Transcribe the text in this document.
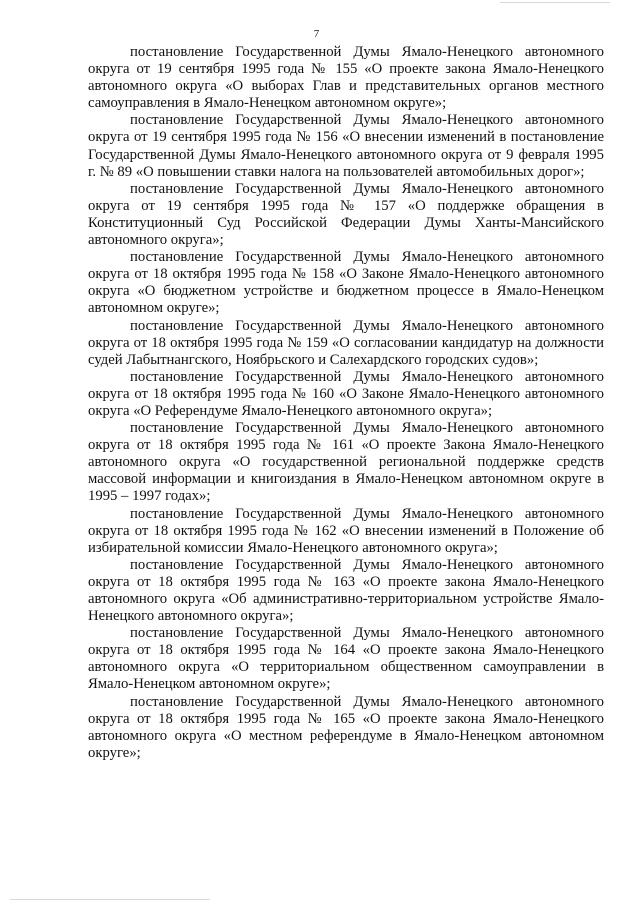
7

постановление Государственной Думы Ямало-Ненецкого автономного округа от 19 сентября 1995 года № 155 «О проекте закона Ямало-Ненецкого автономного округа «О выборах Глав и представительных органов местного самоуправления в Ямало-Ненецком автономном округе»;

постановление Государственной Думы Ямало-Ненецкого автономного округа от 19 сентября 1995 года № 156 «О внесении изменений в постановление Государственной Думы Ямало-Ненецкого автономного округа от 9 февраля 1995 г. № 89 «О повышении ставки налога на пользователей автомобильных дорог»;

постановление Государственной Думы Ямало-Ненецкого автономного округа от 19 сентября 1995 года № 157 «О поддержке обращения в Конституционный Суд Российской Федерации Думы Ханты-Мансийского автономного округа»;

постановление Государственной Думы Ямало-Ненецкого автономного округа от 18 октября 1995 года № 158 «О Законе Ямало-Ненецкого автономного округа «О бюджетном устройстве и бюджетном процессе в Ямало-Ненецком автономном округе»;

постановление Государственной Думы Ямало-Ненецкого автономного округа от 18 октября 1995 года № 159 «О согласовании кандидатур на должности судей Лабытнангского, Ноябрьского и Салехардского городских судов»;

постановление Государственной Думы Ямало-Ненецкого автономного округа от 18 октября 1995 года № 160 «О Законе Ямало-Ненецкого автономного округа «О Референдуме Ямало-Ненецкого автономного округа»;

постановление Государственной Думы Ямало-Ненецкого автономного округа от 18 октября 1995 года № 161 «О проекте Закона Ямало-Ненецкого автономного округа «О государственной региональной поддержке средств массовой информации и книгоиздания в Ямало-Ненецком автономном округе в 1995 – 1997 годах»;

постановление Государственной Думы Ямало-Ненецкого автономного округа от 18 октября 1995 года № 162 «О внесении изменений в Положение об избирательной комиссии Ямало-Ненецкого автономного округа»;

постановление Государственной Думы Ямало-Ненецкого автономного округа от 18 октября 1995 года № 163 «О проекте закона Ямало-Ненецкого автономного округа «Об административно-территориальном устройстве Ямало-Ненецкого автономного округа»;

постановление Государственной Думы Ямало-Ненецкого автономного округа от 18 октября 1995 года № 164 «О проекте закона Ямало-Ненецкого автономного округа «О территориальном общественном самоуправлении в Ямало-Ненецком автономном округе»;

постановление Государственной Думы Ямало-Ненецкого автономного округа от 18 октября 1995 года № 165 «О проекте закона Ямало-Ненецкого автономного округа «О местном референдуме в Ямало-Ненецком автономном округе»;
